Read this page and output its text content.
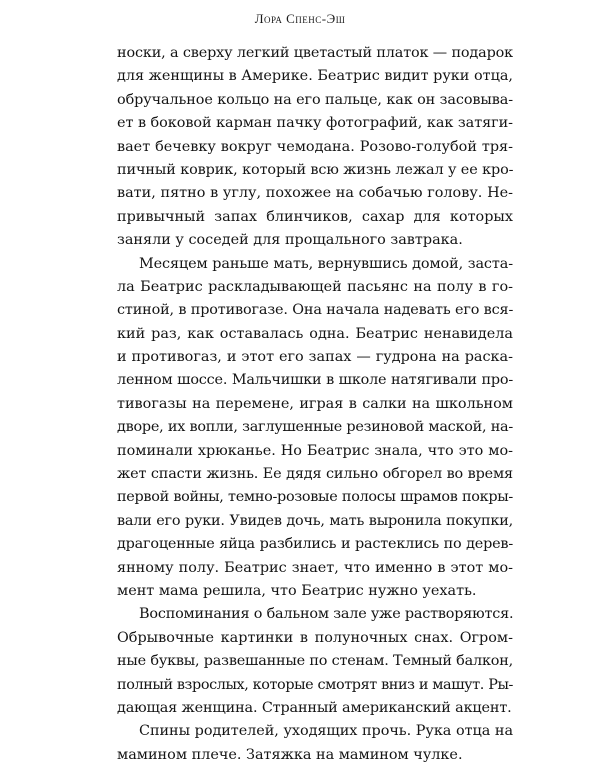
Лора Спенс-Эш
носки, а сверху легкий цветастый платок — подарок
для женщины в Америке. Беатрис видит руки отца,
обручальное кольцо на его пальце, как он засовыва-
ет в боковой карман пачку фотографий, как затяги-
вает бечевку вокруг чемодана. Розово-голубой тря-
пичный коврик, который всю жизнь лежал у ее кро-
вати, пятно в углу, похожее на собачью голову. Не-
привычный запах блинчиков, сахар для которых
заняли у соседей для прощального завтрака.
Месяцем раньше мать, вернувшись домой, заста-
ла Беатрис раскладывающей пасьянс на полу в го-
стиной, в противогазе. Она начала надевать его вся-
кий раз, как оставалась одна. Беатрис ненавидела
и противогаз, и этот его запах — гудрона на раска-
ленном шоссе. Мальчишки в школе натягивали про-
тивогазы на перемене, играя в салки на школьном
дворе, их вопли, заглушенные резиновой маской, на-
поминали хрюканье. Но Беатрис знала, что это мо-
жет спасти жизнь. Ее дядя сильно обгорел во время
первой войны, темно-розовые полосы шрамов покры-
вали его руки. Увидев дочь, мать выронила покупки,
драгоценные яйца разбились и растеклись по дерев-
янному полу. Беатрис знает, что именно в этот мо-
мент мама решила, что Беатрис нужно уехать.
Воспоминания о бальном зале уже растворяются.
Обрывочные картинки в полуночных снах. Огром-
ные буквы, развешанные по стенам. Темный балкон,
полный взрослых, которые смотрят вниз и машут. Ры-
дающая женщина. Странный американский акцент.
Спины родителей, уходящих прочь. Рука отца на
мамином плече. Затяжка на мамином чулке.
